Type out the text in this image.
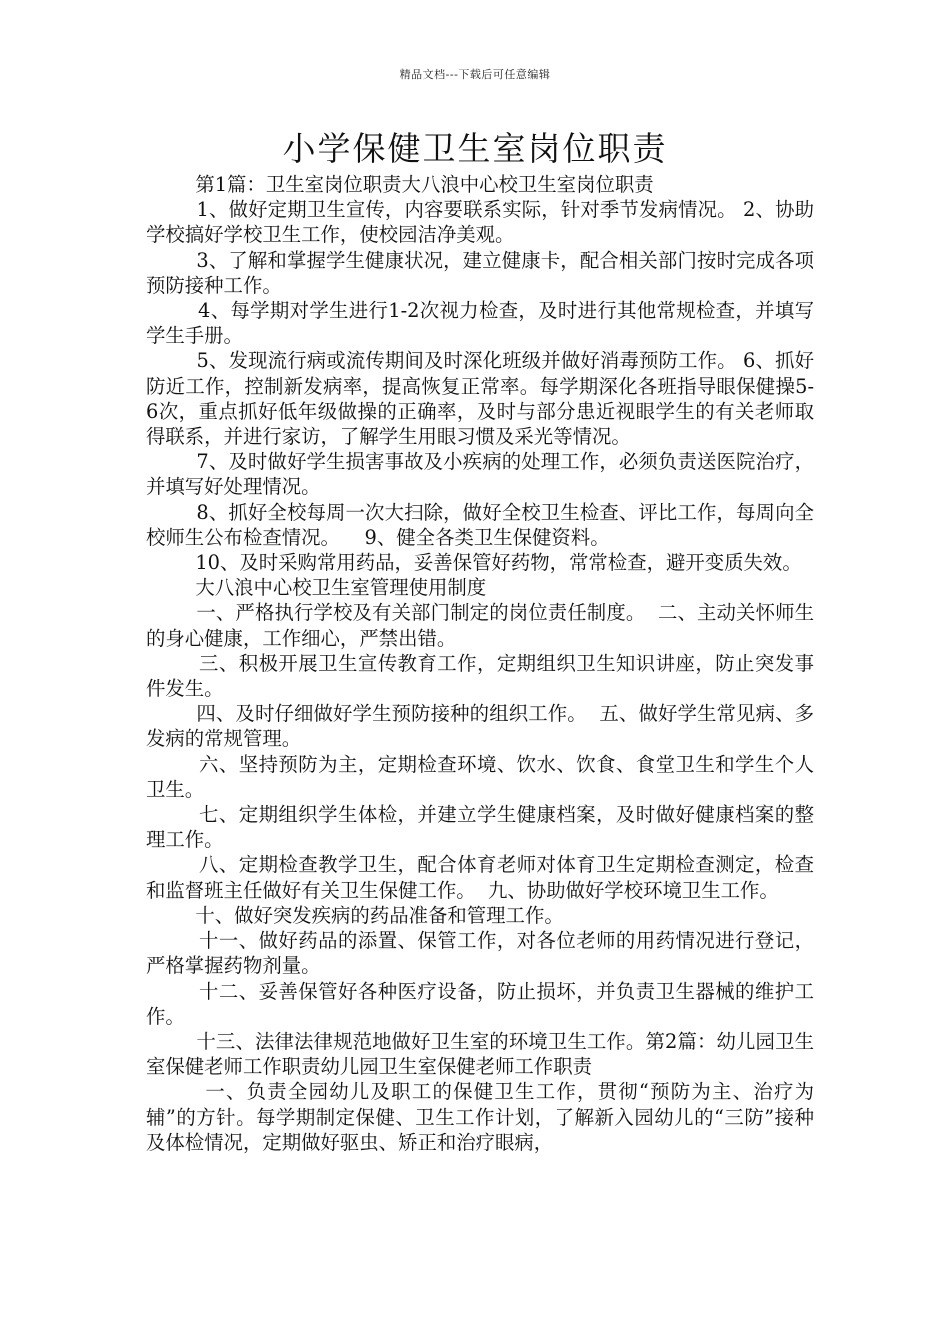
精品文档---下载后可任意编辑
小学保健卫生室岗位职责

第1篇：卫生室岗位职责大八浪中心校卫生室岗位职责

1、做好定期卫生宣传，内容要联系实际，针对季节发病情况。 2、协助学校搞好学校卫生工作，使校园洁净美观。

3、了解和掌握学生健康状况，建立健康卡，配合相关部门按时完成各项预防接种工作。

4、每学期对学生进行1-2次视力检查，及时进行其他常规检查，并填写学生手册。

5、发现流行病或流传期间及时深化班级并做好消毒预防工作。 6、抓好防近工作，控制新发病率，提高恢复正常率。每学期深化各班指导眼保健操5-6次，重点抓好低年级做操的正确率，及时与部分患近视眼学生的有关老师取得联系，并进行家访，了解学生用眼习惯及采光等情况。

7、及时做好学生损害事故及小疾病的处理工作，必须负责送医院治疗，并填写好处理情况。

8、抓好全校每周一次大扫除，做好全校卫生检查、评比工作，每周向全校师生公布检查情况。    9、健全各类卫生保健资料。

10、及时采购常用药品，妥善保管好药物，常常检查，避开变质失效。

大八浪中心校卫生室管理使用制度

一、严格执行学校及有关部门制定的岗位责任制度。  二、主动关怀师生的身心健康，工作细心，严禁出错。

三、积极开展卫生宣传教育工作，定期组织卫生知识讲座，防止突发事件发生。

四、及时仔细做好学生预防接种的组织工作。  五、做好学生常见病、多发病的常规管理。

六、坚持预防为主，定期检查环境、饮水、饮食、食堂卫生和学生个人卫生。

七、定期组织学生体检，并建立学生健康档案，及时做好健康档案的整理工作。

八、定期检查教学卫生，配合体育老师对体育卫生定期检查测定，检查和监督班主任做好有关卫生保健工作。  九、协助做好学校环境卫生工作。

十、做好突发疾病的药品准备和管理工作。

十一、做好药品的添置、保管工作，对各位老师的用药情况进行登记，严格掌握药物剂量。

十二、妥善保管好各种医疗设备，防止损坏，并负责卫生器械的维护工作。

十三、法律法律规范地做好卫生室的环境卫生工作。第2篇：幼儿园卫生室保健老师工作职责幼儿园卫生室保健老师工作职责

一、负责全园幼儿及职工的保健卫生工作，贯彻“预防为主、治疗为辅”的方针。每学期制定保健、卫生工作计划，了解新入园幼儿的“三防”接种及体检情况，定期做好驱虫、矫正和治疗眼病，
